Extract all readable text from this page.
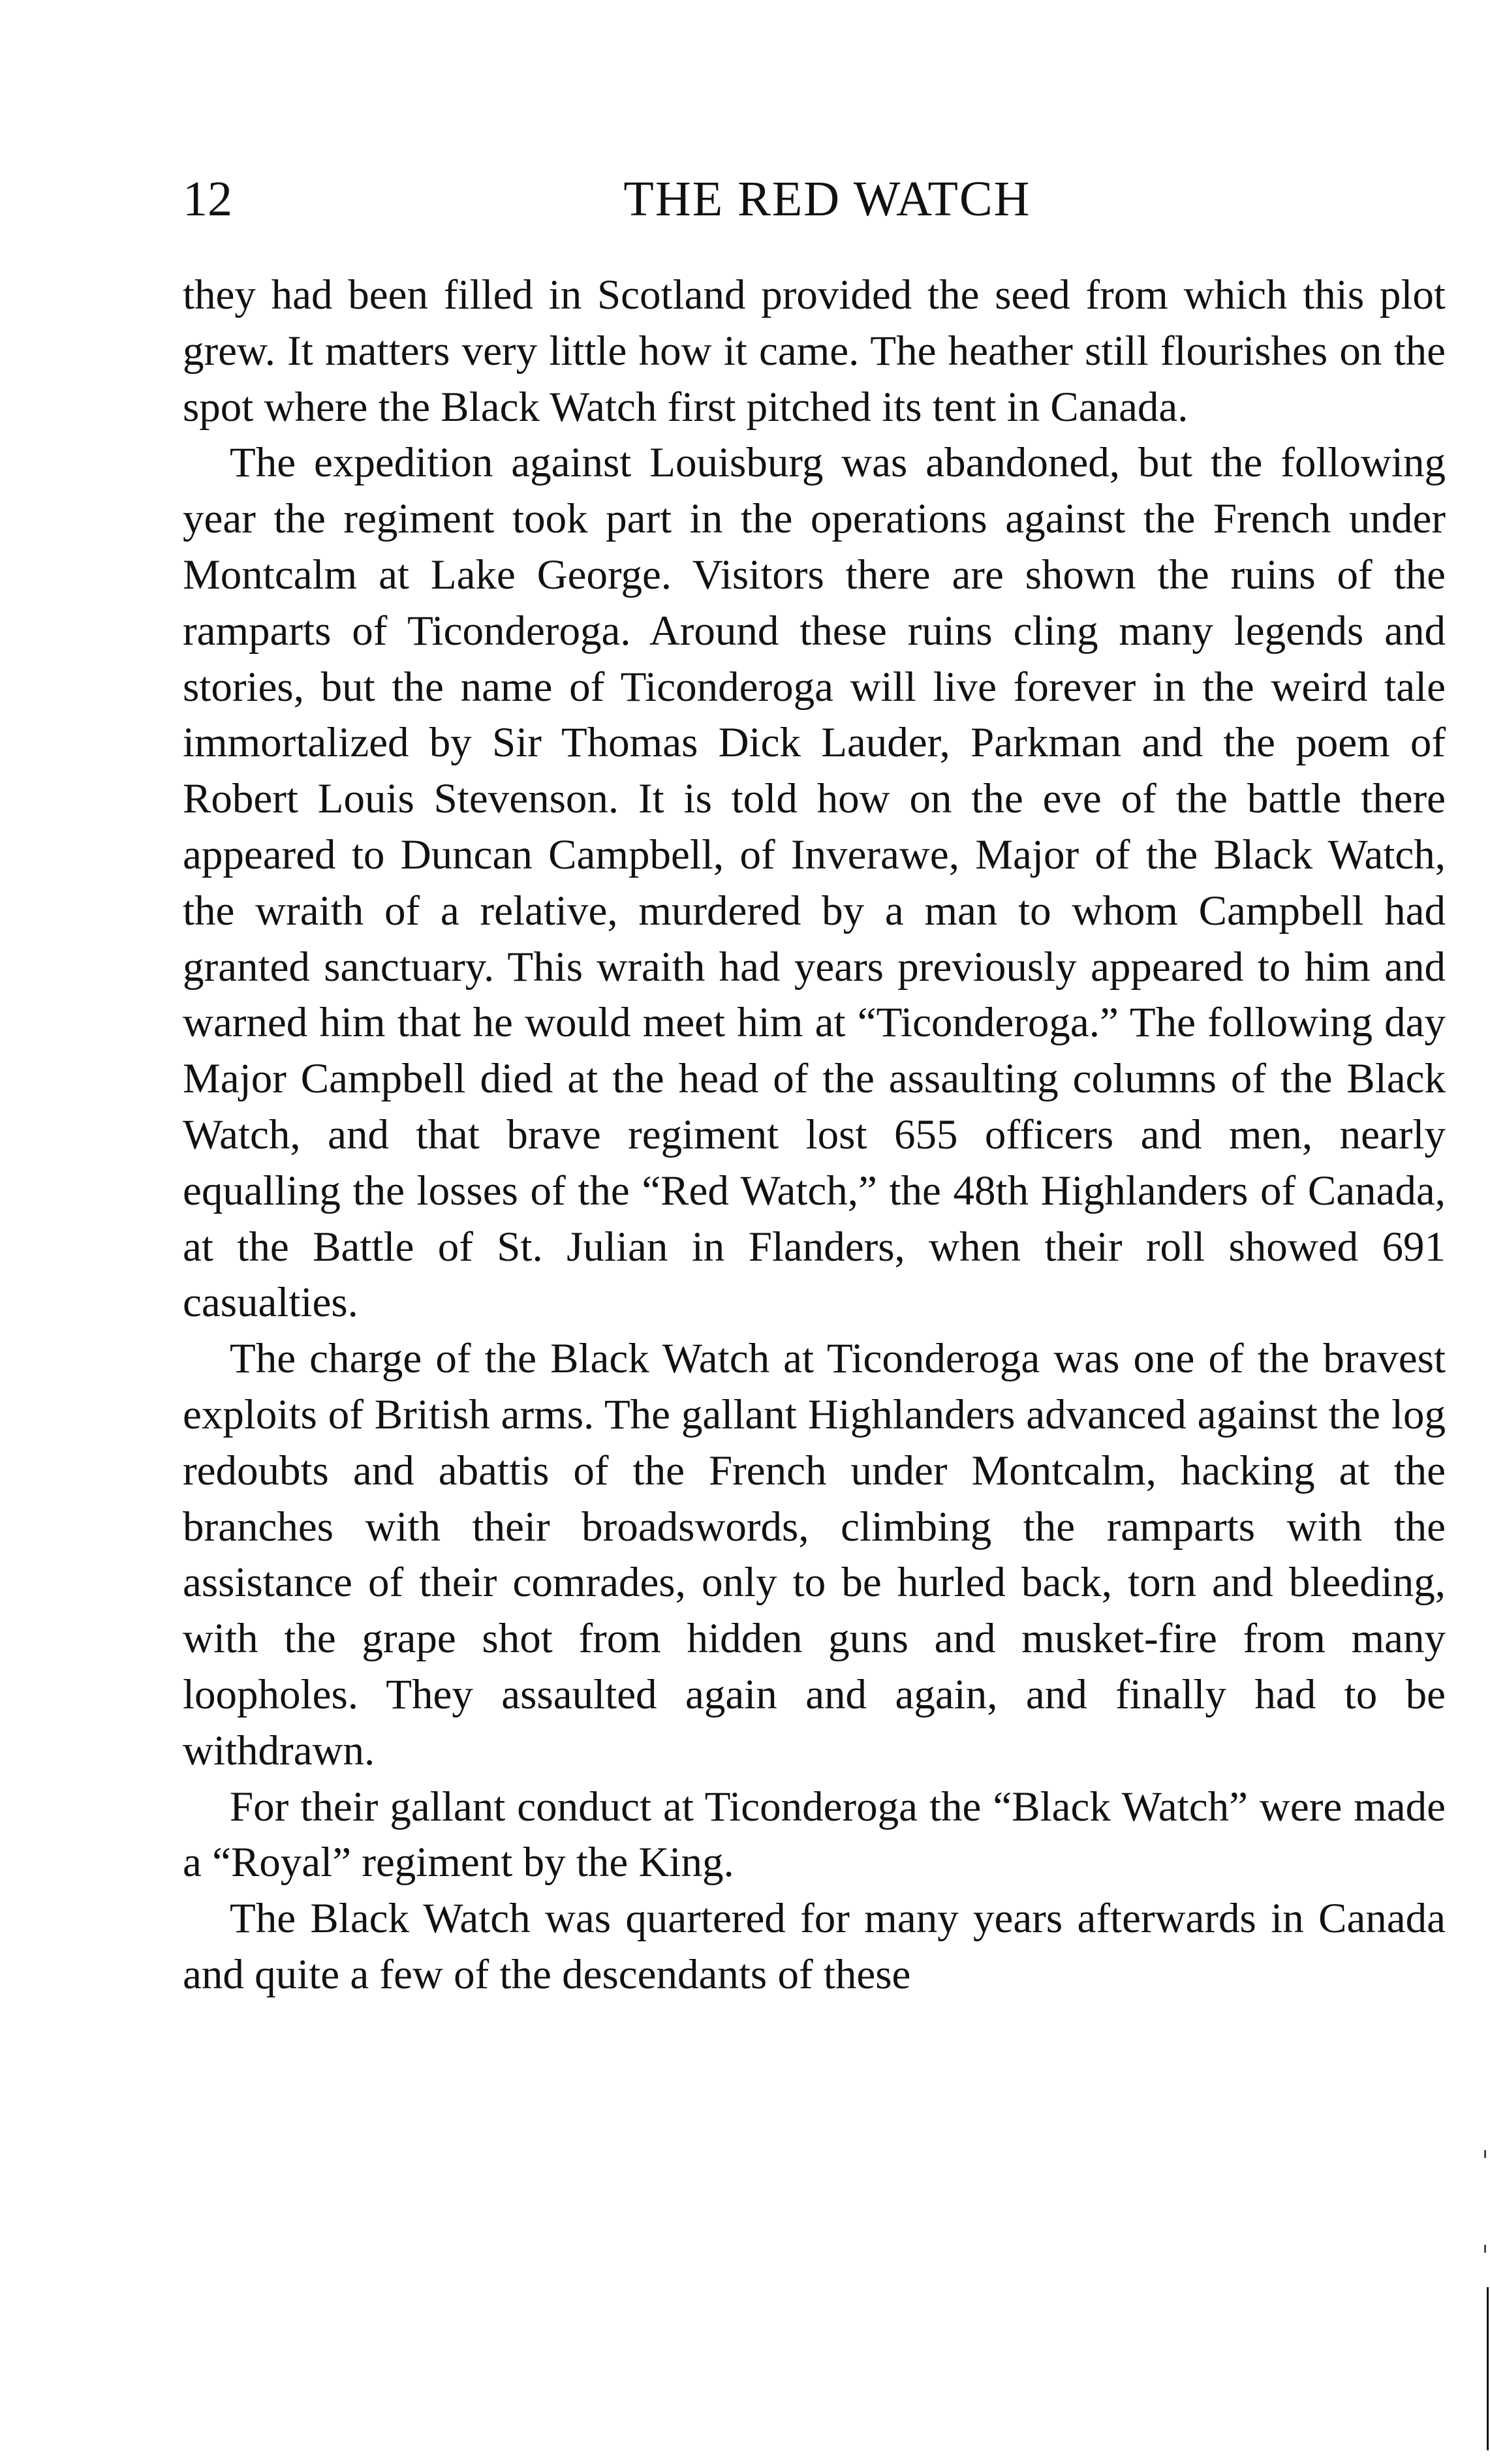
12	THE RED WATCH

they had been filled in Scotland provided the seed from which this plot grew. It matters very little how it came. The heather still flourishes on the spot where the Black Watch first pitched its tent in Canada.

The expedition against Louisburg was abandoned, but the following year the regiment took part in the operations against the French under Montcalm at Lake George. Visitors there are shown the ruins of the ramparts of Ticonderoga. Around these ruins cling many legends and stories, but the name of Ticonderoga will live forever in the weird tale immortalized by Sir Thomas Dick Lauder, Parkman and the poem of Robert Louis Stevenson. It is told how on the eve of the battle there appeared to Duncan Campbell, of Inverawe, Major of the Black Watch, the wraith of a relative, murdered by a man to whom Campbell had granted sanctuary. This wraith had years previously appeared to him and warned him that he would meet him at “Ticonderoga.” The following day Major Campbell died at the head of the assaulting columns of the Black Watch, and that brave regiment lost 655 officers and men, nearly equalling the losses of the “Red Watch,” the 48th Highlanders of Canada, at the Battle of St. Julian in Flanders, when their roll showed 691 casualties.

The charge of the Black Watch at Ticonderoga was one of the bravest exploits of British arms. The gallant Highlanders advanced against the log redoubts and abattis of the French under Montcalm, hacking at the branches with their broadswords, climbing the ramparts with the assistance of their comrades, only to be hurled back, torn and bleeding, with the grape shot from hidden guns and musket-fire from many loopholes. They assaulted again and again, and finally had to be withdrawn.

For their gallant conduct at Ticonderoga the “Black Watch” were made a “Royal” regiment by the King.

The Black Watch was quartered for many years afterwards in Canada and quite a few of the descendants of these
